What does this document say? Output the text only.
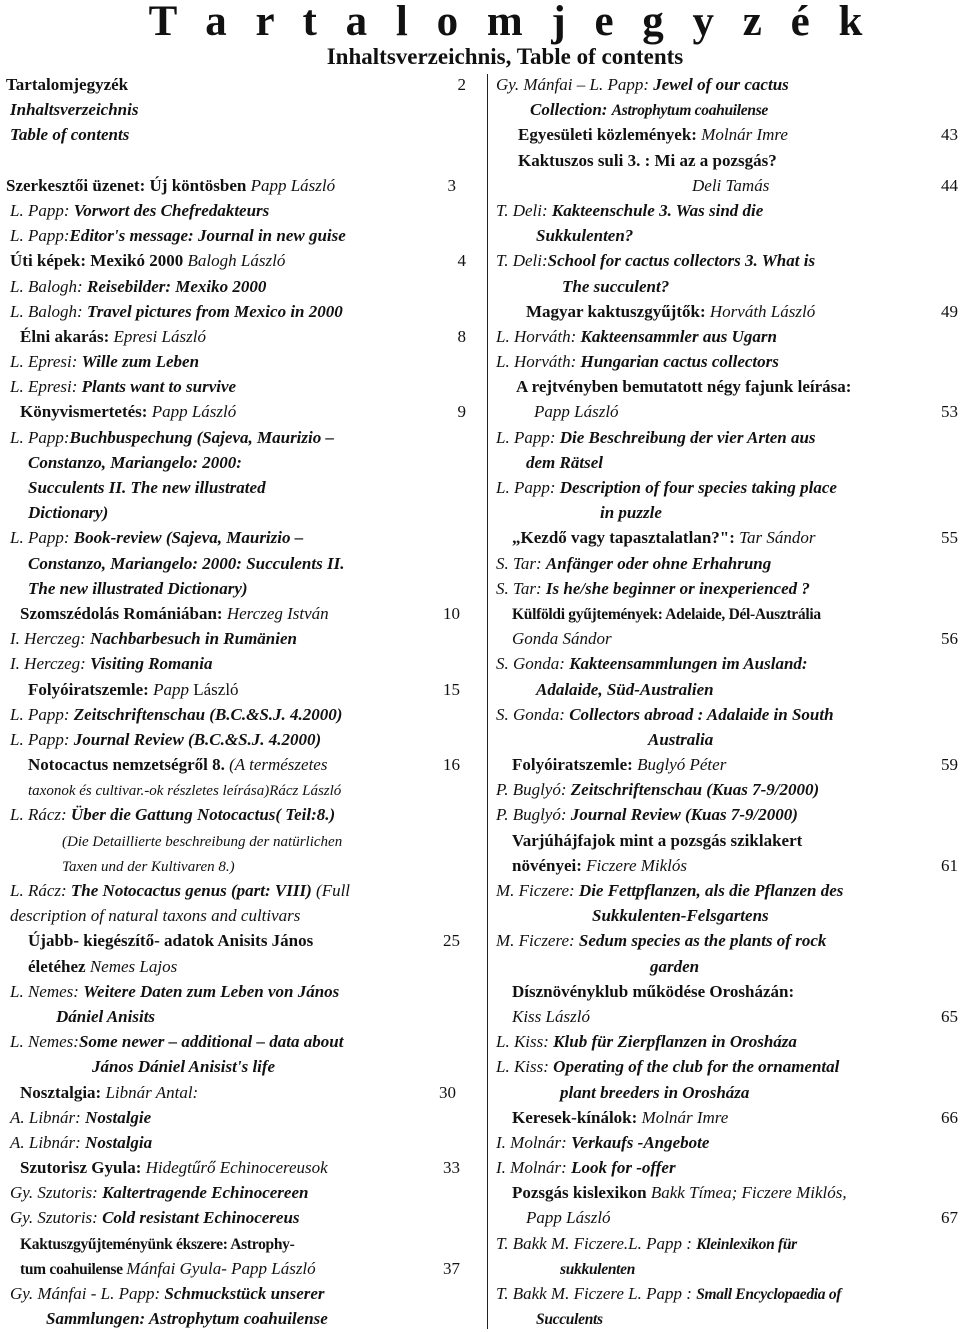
T a r t a l o m j e g y z é k
Inhaltsverzeichnis, Table of contents
Tartalomjegyzék	2
Inhaltsverzeichnis
Table of contents
Szerkesztői üzenet: Új köntösben Papp László	3
L. Papp: Vorwort des Chefredakteurs
L. Papp:Editor's message: Journal in new guise
Úti képek: Mexikó 2000 Balogh László	4
L. Balogh: Reisebilder: Mexiko 2000
L. Balogh: Travel pictures from Mexico in 2000
Élni akarás: Epresi László	8
L. Epresi: Wille zum Leben
L. Epresi: Plants want to survive
Könyvismertetés: Papp László	9
L. Papp:Buchbuspechung (Sajeva, Maurizio –
Constanzo, Mariangelo: 2000:
Succulents II. The new illustrated
Dictionary)
L. Papp: Book-review (Sajeva, Maurizio –
Constanzo, Mariangelo: 2000: Succulents II.
The new illustrated Dictionary)
Szomszédolás Romániában: Herczeg István	10
I. Herczeg: Nachbarbesuch in Rumänien
I. Herczeg: Visiting Romania
Folyóiratszemle: Papp László	15
L. Papp: Zeitschriftenschau (B.C.&S.J. 4.2000)
L. Papp: Journal Review (B.C.&S.J. 4.2000)
Notocactus nemzetségről 8. (A természetes	16
taxonok és cultivar.-ok részletes leírása)Rácz László
L. Rácz: Über die Gattung Notocactus( Teil:8.)
(Die Detaillierte beschreibung der natürlichen
Taxen und der Kultivaren 8.)
L. Rácz: The Notocactus genus (part: VIII) (Full
description of natural taxons and cultivars
Újabb- kiegészítő- adatok Anisits János	25
életéhez Nemes Lajos
L. Nemes: Weitere Daten zum Leben von János
Dániel Anisits
L. Nemes:Some newer – additional – data about
János Dániel Anisist's life
Nosztalgia: Libnár Antal:	30
A. Libnár: Nostalgie
A. Libnár: Nostalgia
Szutorisz Gyula: Hidegtűrő Echinocereusok	33
Gy. Szutoris: Kaltertragende Echinocereen
Gy. Szutoris: Cold resistant Echinocereus
Kaktuszgyűjteményünk ékszere: Astrophy-
tum coahuilense Mánfai Gyula- Papp László	37
Gy. Mánfai - L. Papp: Schmuckstück unserer
Sammlungen: Astrophytum coahuilense
Gy. Mánfai – L. Papp: Jewel of our cactus
Collection: Astrophytum coahuilense
Egyesületi közlemények: Molnár Imre	43
Kaktuszos suli 3. : Mi az a pozsgás?
Deli Tamás	44
T. Deli: Kakteenschule 3. Was sind die
Sukkulenten?
T. Deli:School for cactus collectors 3. What is
The succulent?
Magyar kaktuszgyűjtők: Horváth László	49
L. Horváth: Kakteensammler aus Ugarn
L. Horváth: Hungarian cactus collectors
A rejtvényben bemutatott négy fajunk leírása:
Papp László	53
L. Papp: Die Beschreibung der vier Arten aus
dem Rätsel
L. Papp: Description of four species taking place
in puzzle
„Kezdő vagy tapasztalatlan?": Tar Sándor	55
S. Tar: Anfänger oder ohne Erhahrung
S. Tar: Is he/she beginner or inexperienced ?
Külföldi gyűjtemények: Adelaide, Dél-Ausztrália
Gonda Sándor	56
S. Gonda: Kakteensammlungen im Ausland:
Adalaide, Süd-Australien
S. Gonda: Collectors abroad : Adalaide in South
Australia
Folyóiratszemle: Buglyó Péter	59
P. Buglyó: Zeitschriftenschau (Kuas 7-9/2000)
P. Buglyó: Journal Review (Kuas 7-9/2000)
Varjúhájfajok mint a pozsgás sziklakert
növényei: Ficzere Miklós	61
M. Ficzere: Die Fettpflanzen, als die Pflanzen des
Sukkulenten-Felsgartens
M. Ficzere: Sedum species as the plants of rock
garden
Dísznövényklub működése Orosházán:
Kiss László	65
L. Kiss: Klub für Zierpflanzen in Orosháza
L. Kiss: Operating of the club for the ornamental
plant breeders in Orosháza
Keresek-kínálok: Molnár Imre	66
I. Molnár: Verkaufs -Angebote
I. Molnár: Look for -offer
Pozsgás kislexikon Bakk Tímea; Ficzere Miklós,
Papp László	67
T. Bakk M. Ficzere.L. Papp : Kleinlexikon für
sukkulenten
T. Bakk M. Ficzere L. Papp : Small Encyclopaedia of
Succulents
